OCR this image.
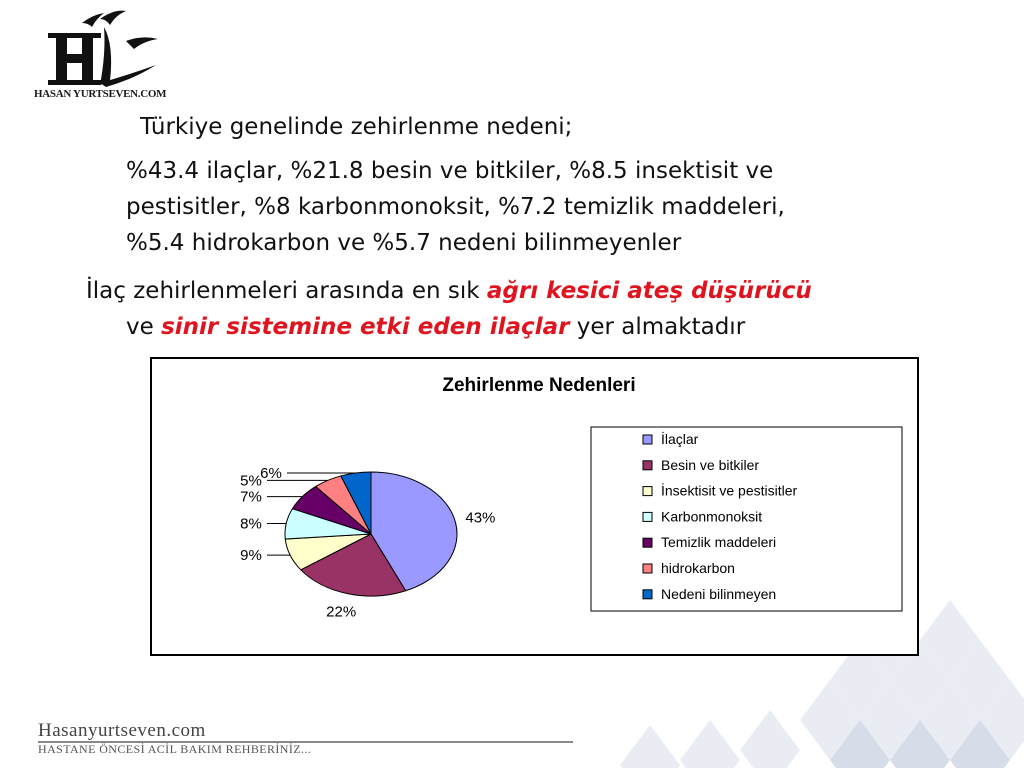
HASAN YURTSEVEN.COM
Türkiye genelinde zehirlenme nedeni;
%43.4 ilaçlar, %21.8 besin ve bitkiler, %8.5 insektisit ve
pestisitler, %8 karbonmonoksit, %7.2 temizlik maddeleri,
%5.4 hidrokarbon ve %5.7 nedeni bilinmeyenler
İlaç zehirlenmeleri arasında en sık ağrı kesici ateş düşürücü
ve sinir sistemine etki eden ilaçlar yer almaktadır
Zehirlenme Nedenleri
43%
22%
9%
8%
7%
5%
6%
İlaçlar
Besin ve bitkiler
İnsektisit ve pestisitler
Karbonmonoksit
Temizlik maddeleri
hidrokarbon
Nedeni bilinmeyen
Hasanyurtseven.com
HASTANE ÖNCESİ ACİL BAKIM REHBERİNİZ...
